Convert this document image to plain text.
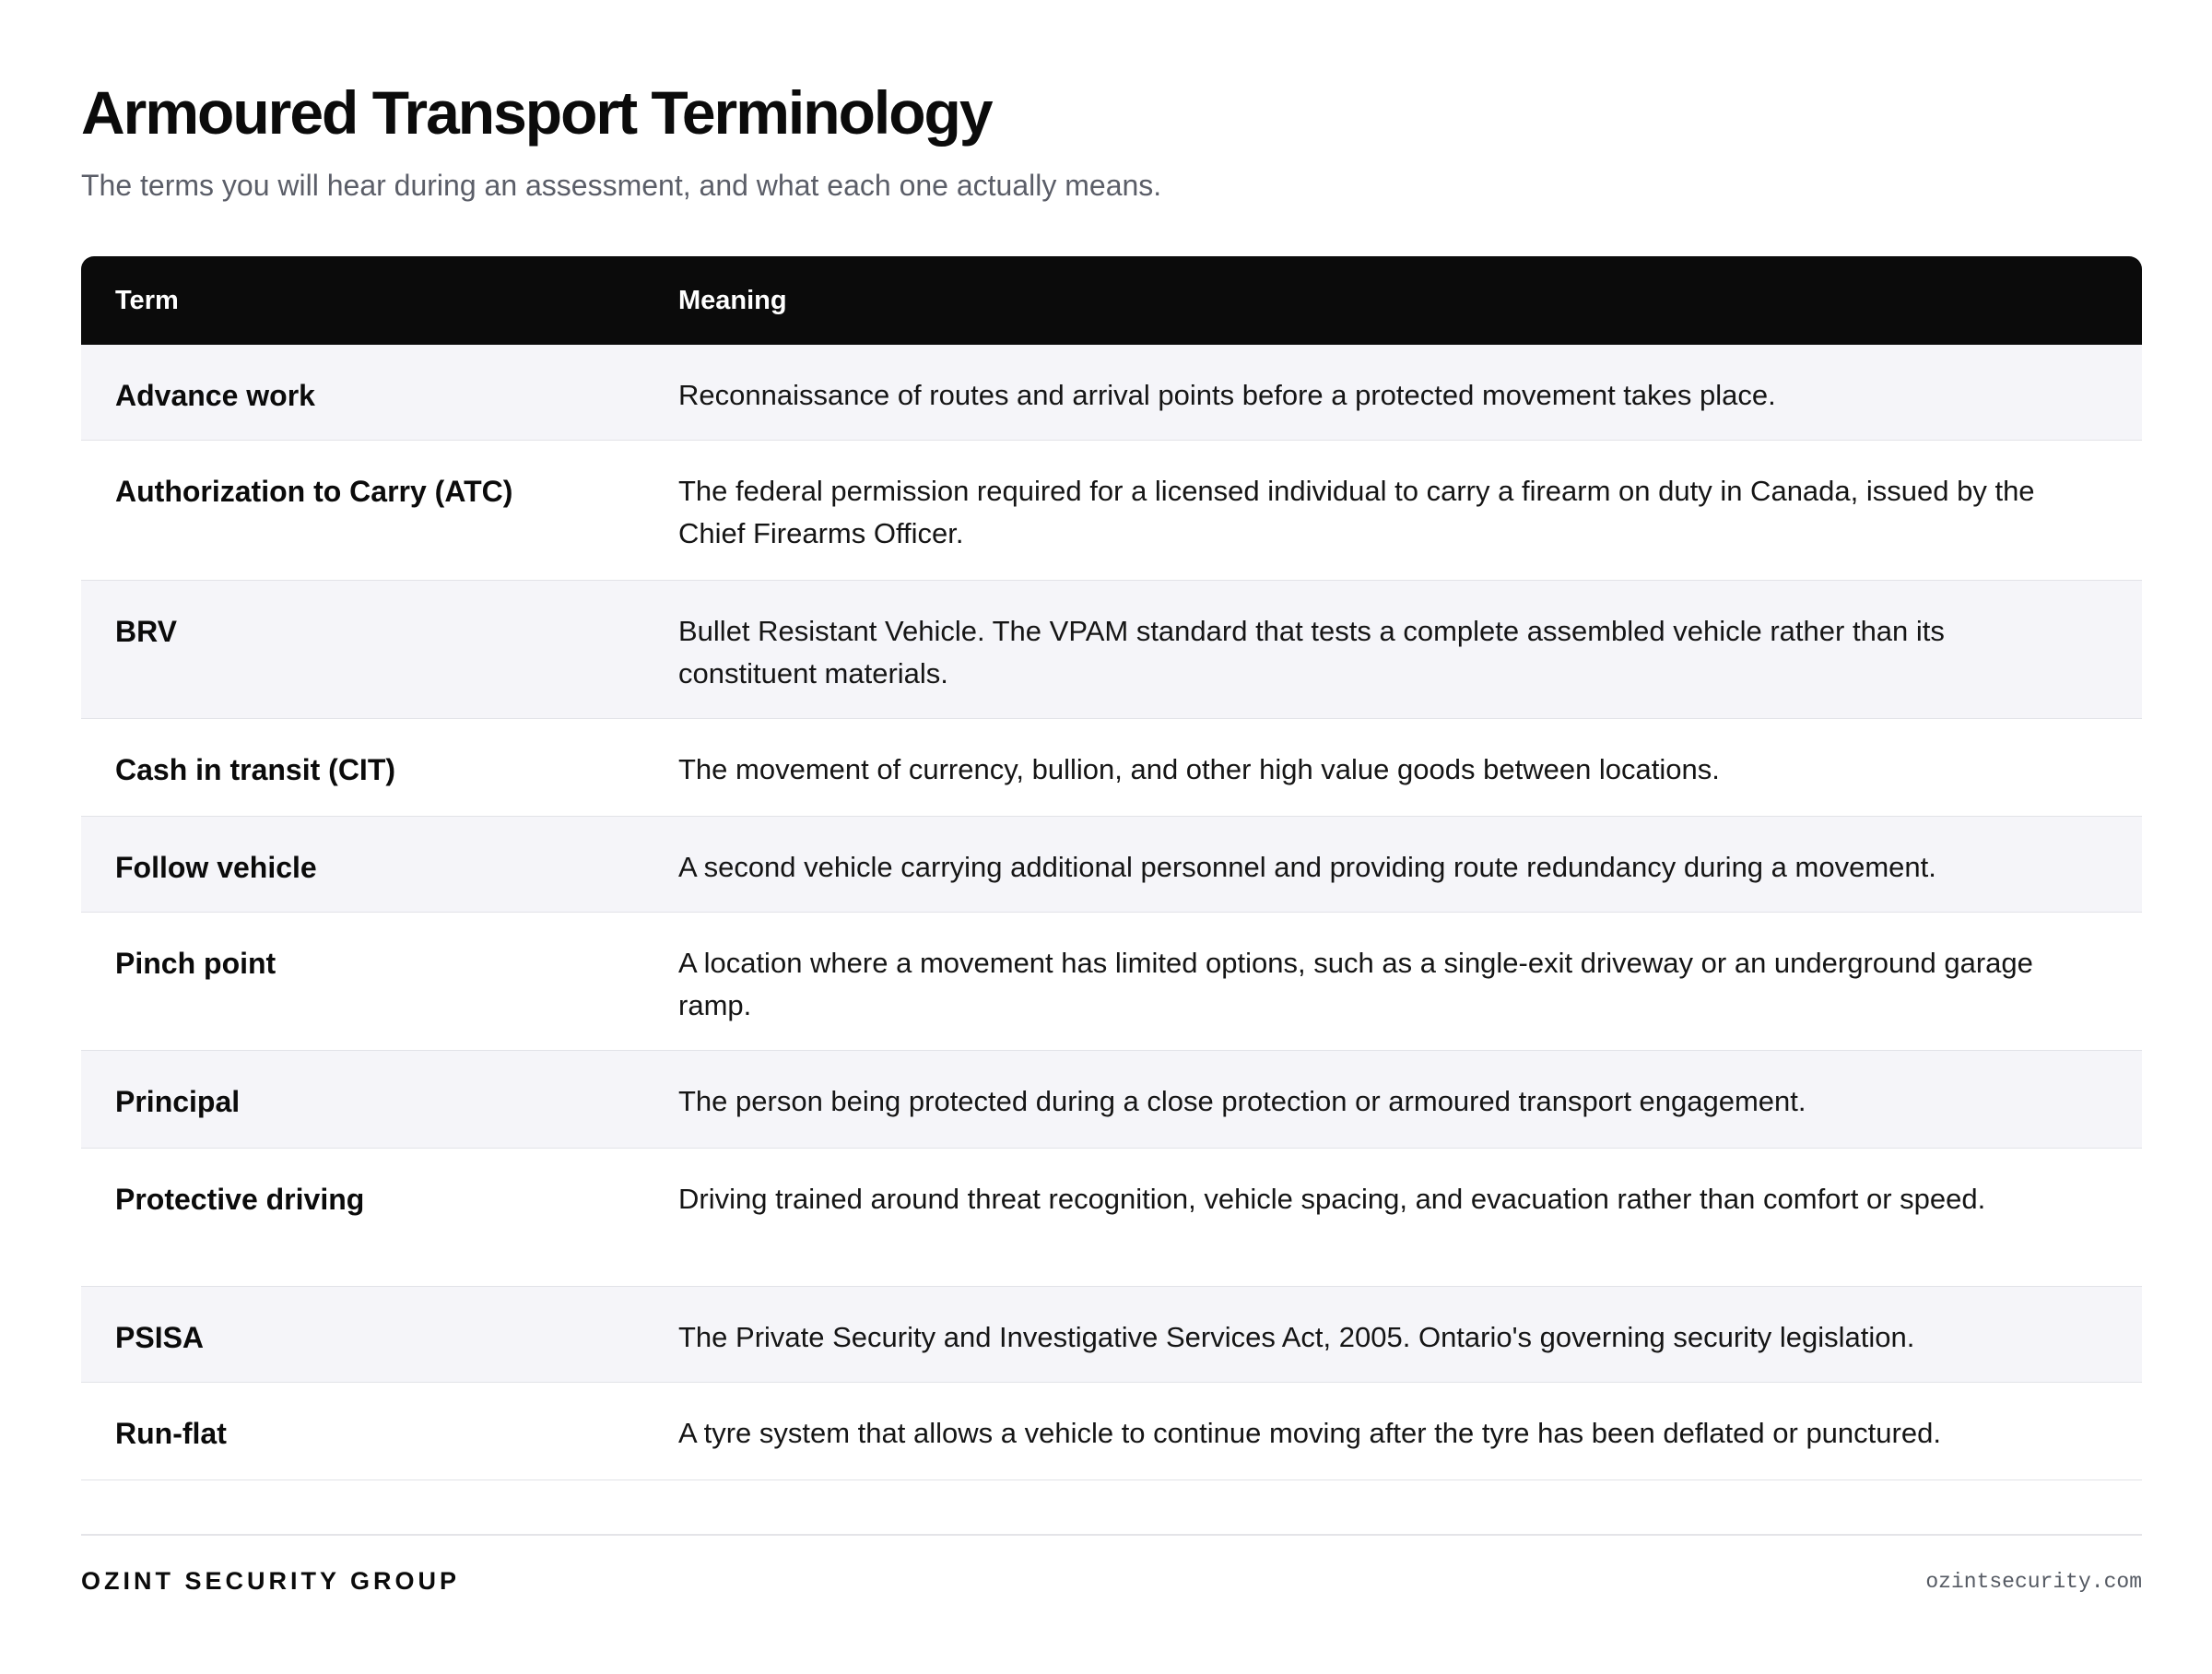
Armoured Transport Terminology
The terms you will hear during an assessment, and what each one actually means.
Term	Meaning
Advance work	Reconnaissance of routes and arrival points before a protected movement takes place.
Authorization to Carry (ATC)	The federal permission required for a licensed individual to carry a firearm on duty in Canada, issued by the Chief Firearms Officer.
BRV	Bullet Resistant Vehicle. The VPAM standard that tests a complete assembled vehicle rather than its constituent materials.
Cash in transit (CIT)	The movement of currency, bullion, and other high value goods between locations.
Follow vehicle	A second vehicle carrying additional personnel and providing route redundancy during a movement.
Pinch point	A location where a movement has limited options, such as a single-exit driveway or an underground garage ramp.
Principal	The person being protected during a close protection or armoured transport engagement.
Protective driving	Driving trained around threat recognition, vehicle spacing, and evacuation rather than comfort or speed.
PSISA	The Private Security and Investigative Services Act, 2005. Ontario's governing security legislation.
Run-flat	A tyre system that allows a vehicle to continue moving after the tyre has been deflated or punctured.
OZINT SECURITY GROUP	ozintsecurity.com
